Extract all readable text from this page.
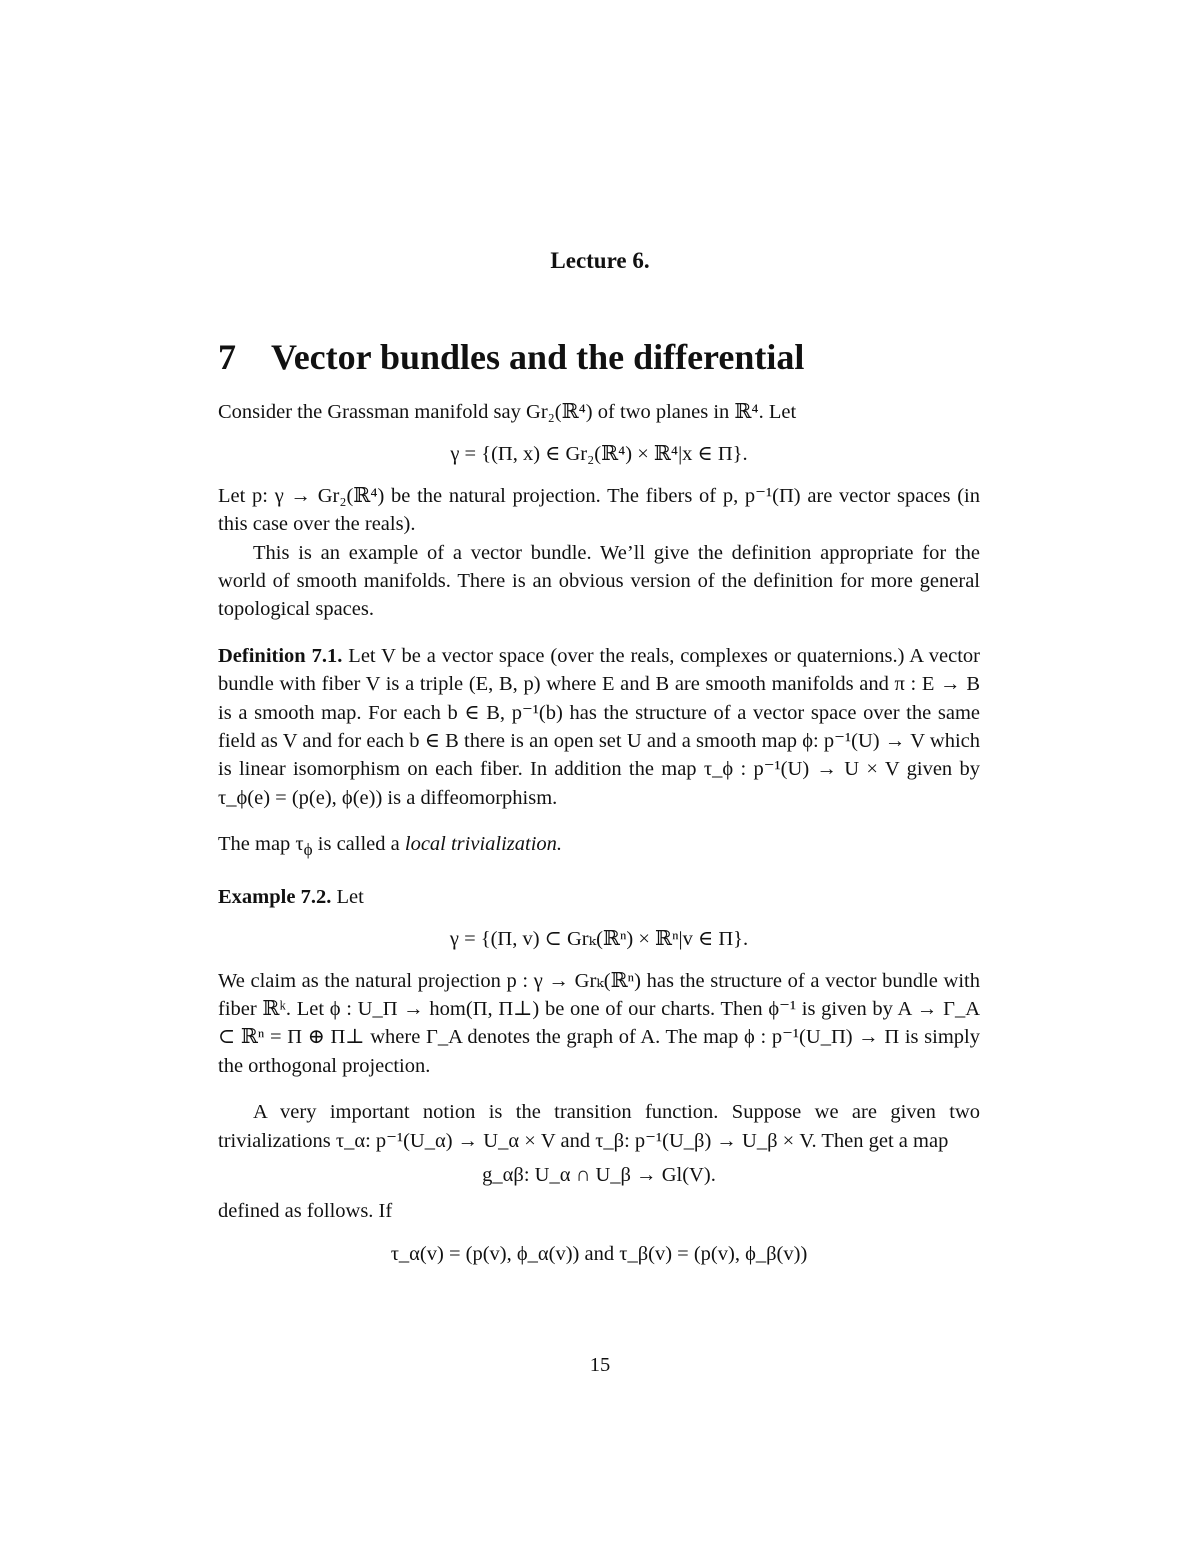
Lecture 6.
7 Vector bundles and the differential

Consider the Grassman manifold say Gr₂(ℝ⁴) of two planes in ℝ⁴. Let

γ = {(Π, x) ∈ Gr₂(ℝ⁴) × ℝ⁴|x ∈ Π}.

Let p: γ → Gr₂(ℝ⁴) be the natural projection. The fibers of p, p⁻¹(Π) are vector spaces (in this case over the reals).

This is an example of a vector bundle. We’ll give the definition appropriate for the world of smooth manifolds. There is an obvious version of the definition for more general topological spaces.

Definition 7.1. Let V be a vector space (over the reals, complexes or quaternions.) A vector bundle with fiber V is a triple (E, B, p) where E and B are smooth manifolds and π : E → B is a smooth map. For each b ∈ B, p⁻¹(b) has the structure of a vector space over the same field as V and for each b ∈ B there is an open set U and a smooth map ϕ: p⁻¹(U) → V which is linear isomorphism on each fiber. In addition the map τ_ϕ : p⁻¹(U) → U × V given by τ_ϕ(e) = (p(e), ϕ(e)) is a diffeomorphism.

The map $\tau_\phi$ is called a local trivialization.

Example 7.2. Let

γ = {(Π, v) ⊂ Grₖ(ℝⁿ) × ℝⁿ|v ∈ Π}.

We claim as the natural projection p : γ → Grₖ(ℝⁿ) has the structure of a vector bundle with fiber ℝᵏ. Let ϕ : U_Π → hom(Π, Π⊥) be one of our charts. Then ϕ⁻¹ is given by A → Γ_A ⊂ ℝⁿ = Π ⊕ Π⊥ where Γ_A denotes the graph of A. The map ϕ : p⁻¹(U_Π) → Π is simply the orthogonal projection.

A very important notion is the transition function. Suppose we are given two trivializations τ_α: p⁻¹(U_α) → U_α × V and τ_β: p⁻¹(U_β) → U_β × V. Then get a map

g_αβ: U_α ∩ U_β → Gl(V).

defined as follows. If

τ_α(v) = (p(v), ϕ_α(v)) and τ_β(v) = (p(v), ϕ_β(v))
15
